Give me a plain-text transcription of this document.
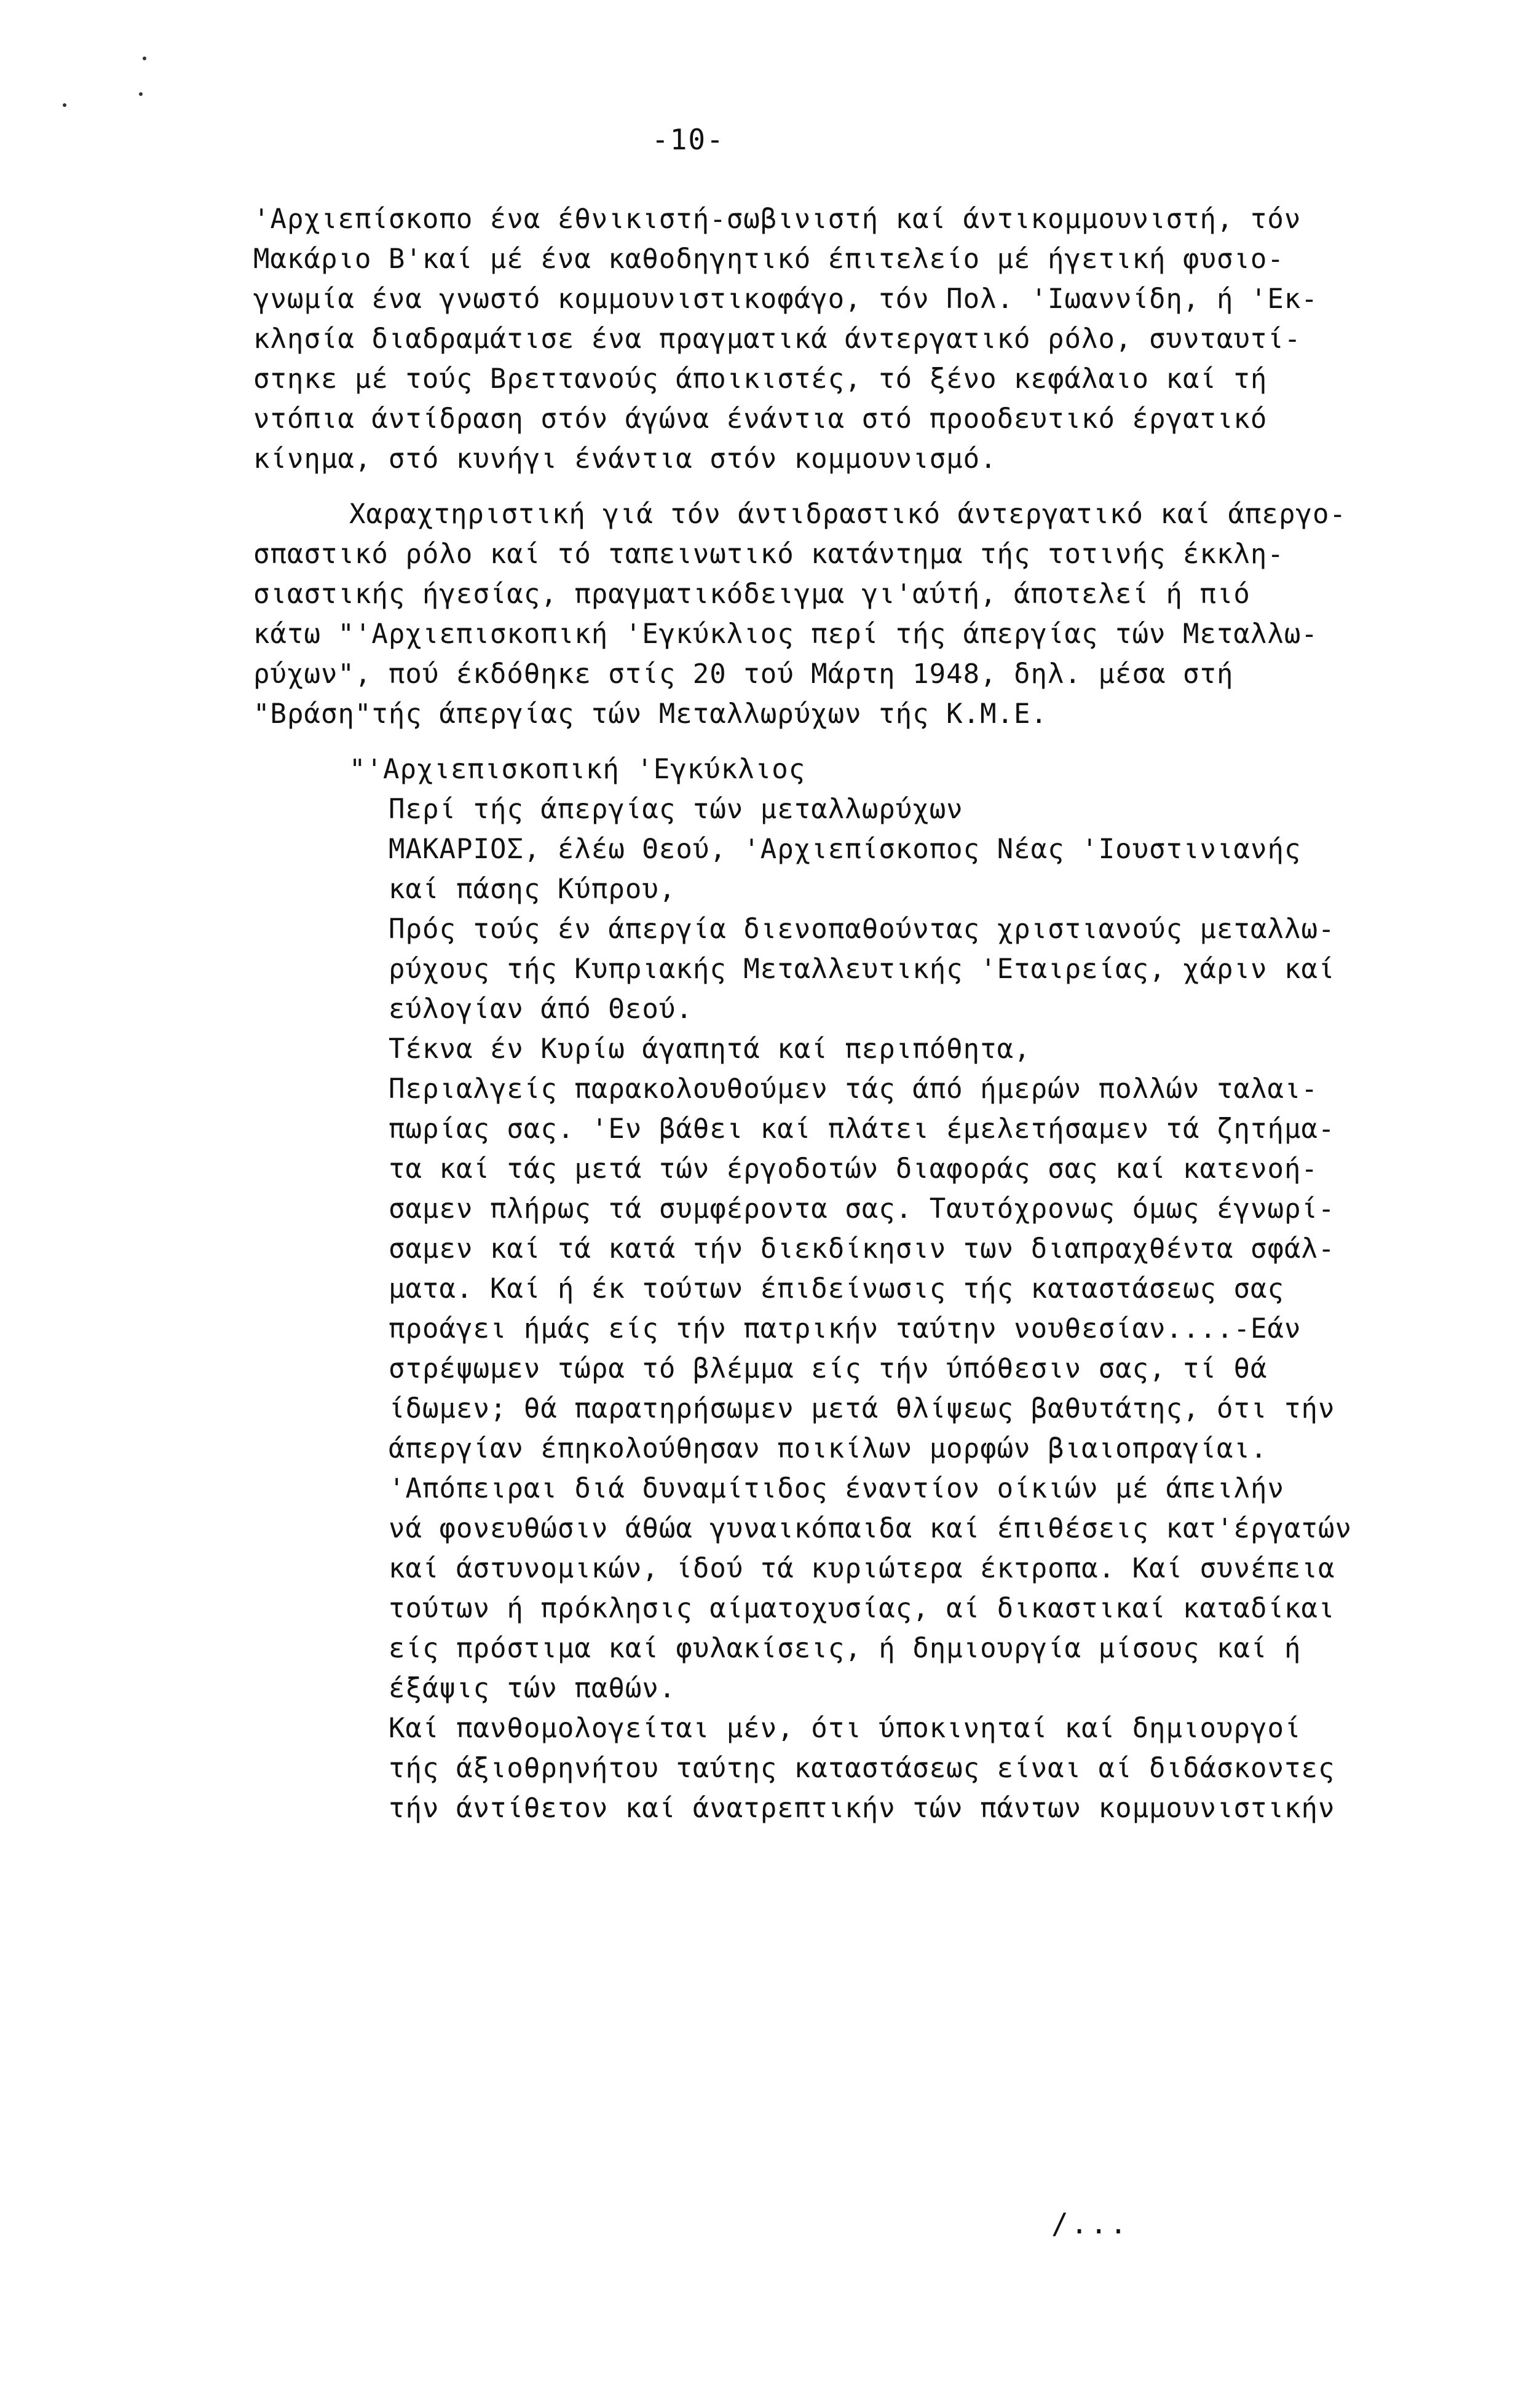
-10-
'Αρχιεπίσκοπο ένα έθνικιστή-σωβινιστή καί άντικομμουνιστή, τόν
Μακάριο Β'καί μέ ένα καθοδηγητικό έπιτελείο μέ ήγετική φυσιο-
γνωμία ένα γνωστό κομμουνιστικοφάγο, τόν Πολ. 'Ιωαννίδη, ή 'Εκ-
κλησία διαδραμάτισε ένα πραγματικά άντεργατικό ρόλο, συνταυτί-
στηκε μέ τούς Βρεττανούς άποικιστές, τό ξένο κεφάλαιο καί τή
ντόπια άντίδραση στόν άγώνα ένάντια στό προοδευτικό έργατικό
κίνημα, στό κυνήγι ένάντια στόν κομμουνισμό.
Χαραχτηριστική γιά τόν άντιδραστικό άντεργατικό καί άπεργο-
σπαστικό ρόλο καί τό ταπεινωτικό κατάντημα τής τοτινής έκκλη-
σιαστικής ήγεσίας, πραγματικόδειγμα γι'αύτή, άποτελεί ή πιό
κάτω "'Αρχιεπισκοπική 'Εγκύκλιος περί τής άπεργίας τών Μεταλλω-
ρύχων", πού έκδόθηκε στίς 20 τού Μάρτη 1948, δηλ. μέσα στή
"Βράση"τής άπεργίας τών Μεταλλωρύχων τής Κ.Μ.Ε.
"'Αρχιεπισκοπική 'Εγκύκλιος
Περί τής άπεργίας τών μεταλλωρύχων
ΜΑΚΑΡΙΟΣ, έλέω Θεού, 'Αρχιεπίσκοπος Νέας 'Ιουστινιανής
καί πάσης Κύπρου,
Πρός τούς έν άπεργία διενοπαθούντας χριστιανούς μεταλλω-
ρύχους τής Κυπριακής Μεταλλευτικής 'Εταιρείας, χάριν καί
εύλογίαν άπό Θεού.
Τέκνα έν Κυρίω άγαπητά καί περιπόθητα,
Περιαλγείς παρακολουθούμεν τάς άπό ήμερών πολλών ταλαι-
πωρίας σας. 'Εν βάθει καί πλάτει έμελετήσαμεν τά ζητήμα-
τα καί τάς μετά τών έργοδοτών διαφοράς σας καί κατενοή-
σαμεν πλήρως τά συμφέροντα σας. Ταυτόχρονως όμως έγνωρί-
σαμεν καί τά κατά τήν διεκδίκησιν των διαπραχθέντα σφάλ-
ματα. Καί ή έκ τούτων έπιδείνωσις τής καταστάσεως σας
προάγει ήμάς είς τήν πατρικήν ταύτην νουθεσίαν....-Εάν
στρέψωμεν τώρα τό βλέμμα είς τήν ύπόθεσιν σας, τί θά
ίδωμεν; θά παρατηρήσωμεν μετά θλίψεως βαθυτάτης, ότι τήν
άπεργίαν έπηκολούθησαν ποικίλων μορφών βιαιοπραγίαι.
'Απόπειραι διά δυναμίτιδος έναντίον οίκιών μέ άπειλήν
νά φονευθώσιν άθώα γυναικόπαιδα καί έπιθέσεις κατ'έργατών
καί άστυνομικών, ίδού τά κυριώτερα έκτροπα. Καί συνέπεια
τούτων ή πρόκλησις αίματοχυσίας, αί δικαστικαί καταδίκαι
είς πρόστιμα καί φυλακίσεις, ή δημιουργία μίσους καί ή
έξάψις τών παθών.
Καί πανθομολογείται μέν, ότι ύποκινηταί καί δημιουργοί
τής άξιοθρηνήτου ταύτης καταστάσεως είναι αί διδάσκοντες
τήν άντίθετον καί άνατρεπτικήν τών πάντων κομμουνιστικήν
/...
